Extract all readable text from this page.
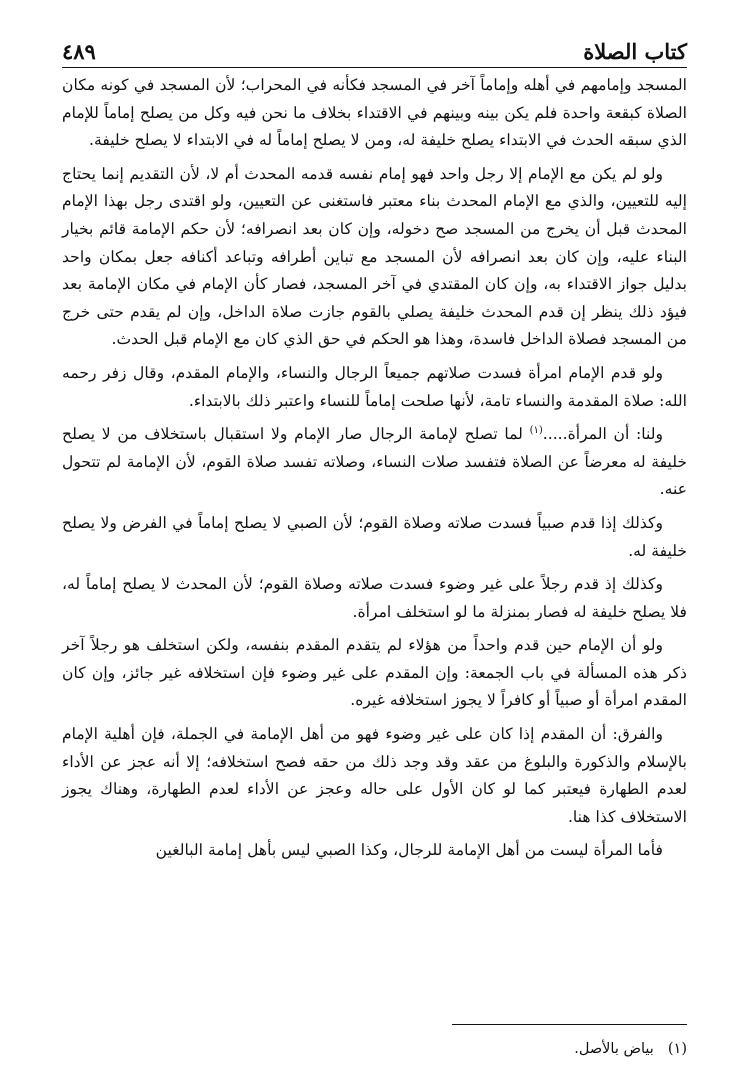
كتاب الصلاة
٤٨٩

المسجد وإمامهم في أهله وإماماً آخر في المسجد فكأنه في المحراب؛ لأن المسجد في كونه مكان الصلاة كبقعة واحدة فلم يكن بينه وبينهم في الاقتداء بخلاف ما نحن فيه وكل من يصلح إماماً للإمام الذي سبقه الحدث في الابتداء يصلح خليفة له، ومن لا يصلح إماماً له في الابتداء لا يصلح خليفة.

ولو لم يكن مع الإمام إلا رجل واحد فهو إمام نفسه قدمه المحدث أم لا، لأن التقديم إنما يحتاج إليه للتعيين، والذي مع الإمام المحدث بناء معتبر فاستغنى عن التعيين، ولو اقتدى رجل بهذا الإمام المحدث قبل أن يخرج من المسجد صح دخوله، وإن كان بعد انصرافه؛ لأن حكم الإمامة قائم بخيار البناء عليه، وإن كان بعد انصرافه لأن المسجد مع تباين أطرافه وتباعد أكنافه جعل بمكان واحد بدليل جواز الاقتداء به، وإن كان المقتدي في آخر المسجد، فصار كأن الإمام في مكان الإمامة بعد فيؤد ذلك ينظر إن قدم المحدث خليفة يصلي بالقوم جازت صلاة الداخل، وإن لم يقدم حتى خرج من المسجد فصلاة الداخل فاسدة، وهذا هو الحكم في حق الذي كان مع الإمام قبل الحدث.

ولو قدم الإمام امرأة فسدت صلاتهم جميعاً الرجال والنساء، والإمام المقدم، وقال زفر رحمه الله: صلاة المقدمة والنساء تامة، لأنها صلحت إماماً للنساء واعتبر ذلك بالابتداء.

ولنا: أن المرأة.....$^{(١)}$ لما تصلح لإمامة الرجال صار الإمام ولا استقبال باستخلاف من لا يصلح خليفة له معرضاً عن الصلاة فتفسد صلات النساء، وصلاته تفسد صلاة القوم، لأن الإمامة لم تتحول عنه.

وكذلك إذا قدم صبياً فسدت صلاته وصلاة القوم؛ لأن الصبي لا يصلح إماماً في الفرض ولا يصلح خليفة له.

وكذلك إذ قدم رجلاً على غير وضوء فسدت صلاته وصلاة القوم؛ لأن المحدث لا يصلح إماماً له، فلا يصلح خليفة له فصار بمنزلة ما لو استخلف امرأة.

ولو أن الإمام حين قدم واحداً من هؤلاء لم يتقدم المقدم بنفسه، ولكن استخلف هو رجلاً آخر ذكر هذه المسألة في باب الجمعة: وإن المقدم على غير وضوء فإن استخلافه غير جائز، وإن كان المقدم امرأة أو صبياً أو كافراً لا يجوز استخلافه غيره.

والفرق: أن المقدم إذا كان على غير وضوء فهو من أهل الإمامة في الجملة، فإن أهلية الإمام بالإسلام والذكورة والبلوغ من عقد وقد وجد ذلك من حقه فصح استخلافه؛ إلا أنه عجز عن الأداء لعدم الطهارة فيعتبر كما لو كان الأول على حاله وعجز عن الأداء لعدم الطهارة، وهناك يجوز الاستخلاف كذا هنا.

فأما المرأة ليست من أهل الإمامة للرجال، وكذا الصبي ليس بأهل إمامة البالغين

(١)بياض بالأصل.
